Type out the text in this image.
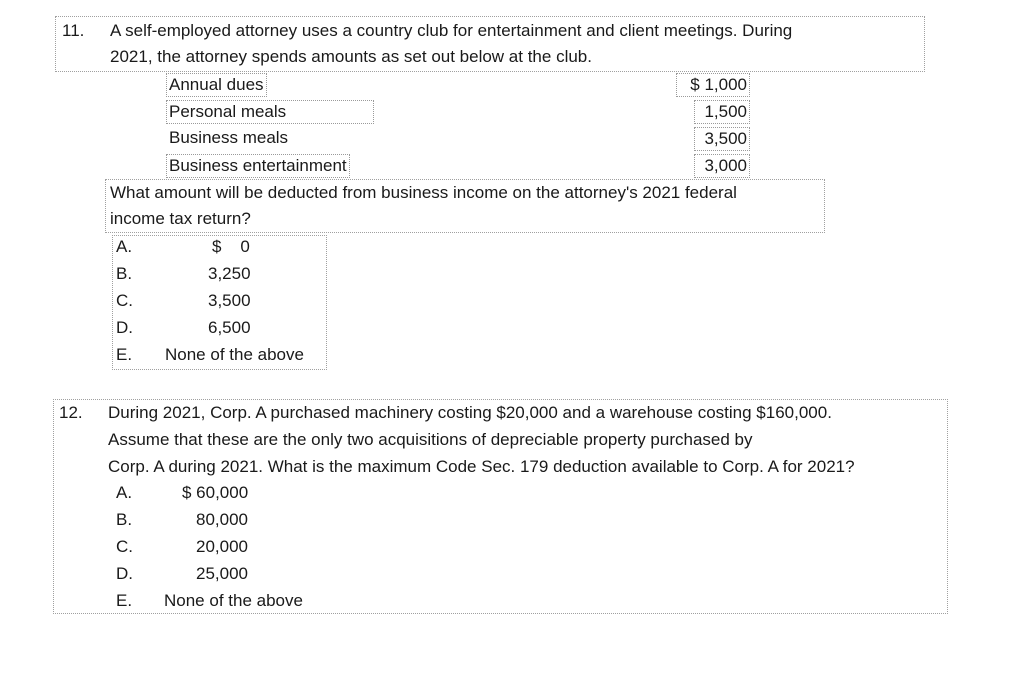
11. A self-employed attorney uses a country club for entertainment and client meetings. During
2021, the attorney spends amounts as set out below at the club.
Annual dues	$ 1,000
Personal meals	1,500
Business meals	3,500
Business entertainment	3,000
What amount will be deducted from business income on the attorney's 2021 federal
income tax return?
A.	$    0
B.	3,250
C.	3,500
D.	6,500
E. None of the above
12. During 2021, Corp. A purchased machinery costing $20,000 and a warehouse costing $160,000.
Assume that these are the only two acquisitions of depreciable property purchased by
Corp. A during 2021. What is the maximum Code Sec. 179 deduction available to Corp. A for 2021?
A.	$ 60,000
B.	80,000
C.	20,000
D.	25,000
E. None of the above
